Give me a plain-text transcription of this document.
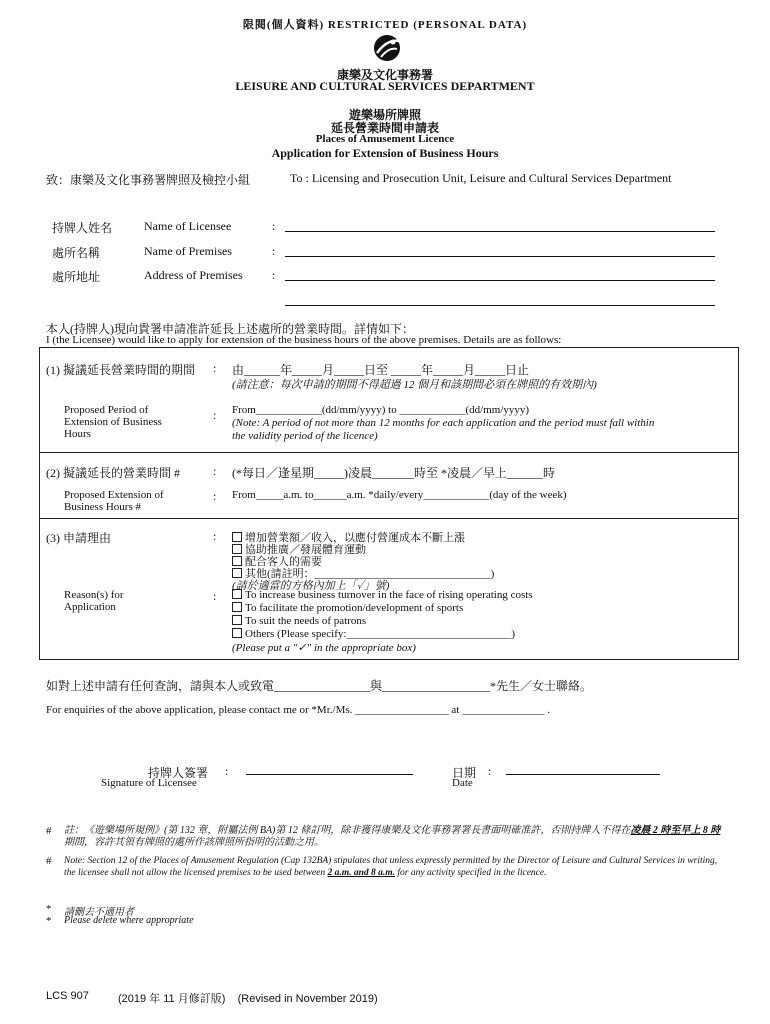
限閱(個人資料) RESTRICTED (PERSONAL DATA)
康樂及文化事務署
LEISURE AND CULTURAL SERVICES DEPARTMENT
遊樂場所牌照
延長營業時間申請表
Places of Amusement Licence
Application for Extension of Business Hours
致：康樂及文化事務署牌照及檢控小組	To : Licensing and Prosecution Unit, Leisure and Cultural Services Department
持牌人姓名	Name of Licensee	:
處所名稱	Name of Premises	:
處所地址	Address of Premises :
本人(持牌人)現向貴署申請准許延長上述處所的營業時間。詳情如下：
I (the Licensee) would like to apply for extension of the business hours of the above premises. Details are as follows:
(1) 擬議延長營業時間的期間 : 由______年_____月_____日至 _____年_____月_____日止
(請注意：每次申請的期間不得超過 12 個月和該期間必須在牌照的有效期內)
Proposed Period of Extension of Business Hours
: From____________(dd/mm/yyyy) to ____________(dd/mm/yyyy)
(Note: A period of not more than 12 months for each application and the period must fall within
the validity period of the licence)
(2) 擬議延長的營業時間 #	: (*每日／逢星期_____)凌晨_______時至 *凌晨／早上______時
Proposed Extension of Business Hours #
: From_____a.m. to______a.m. *daily/every____________(day of the week)
(3) 申請理由	:	增加營業額／收入，以應付營運成本不斷上漲
協助推廣／發展體育運動
配合客人的需要
其他(請註明：________________________________)
(請於適當的方格內加上「✓」號)
Reason(s) for Application
:	To increase business turnover in the face of rising operating costs
To facilitate the promotion/development of sports
To suit the needs of patrons
Others (Please specify:______________________________)
(Please put a "✓" in the appropriate box)
如對上述申請有任何查詢，請與本人或致電________________與__________________*先生／女士聯絡。
For enquiries of the above application, please contact me or *Mr./Ms. _________________ at _______________ .
持牌人簽署 :
Signature of Licensee
日期 :
Date
# 註：《遊樂場所規例》(第 132 章，附屬法例 BA)第 12 條訂明，除非獲得康樂及文化事務署署長書面明確准許，否則持牌人不得在凌晨 2 時至早上 8 時期間，容許其領有牌照的處所作該牌照所指明的活動之用。
# Note: Section 12 of the Places of Amusement Regulation (Cap 132BA) stipulates that unless expressly permitted by the Director of Leisure and Cultural Services in writing, the licensee shall not allow the licensed premises to be used between 2 a.m. and 8 a.m. for any activity specified in the licence.
* 請刪去不適用者
* Please delete where appropriate
LCS 907	(2019 年 11 月修訂版)    (Revised in November 2019)
